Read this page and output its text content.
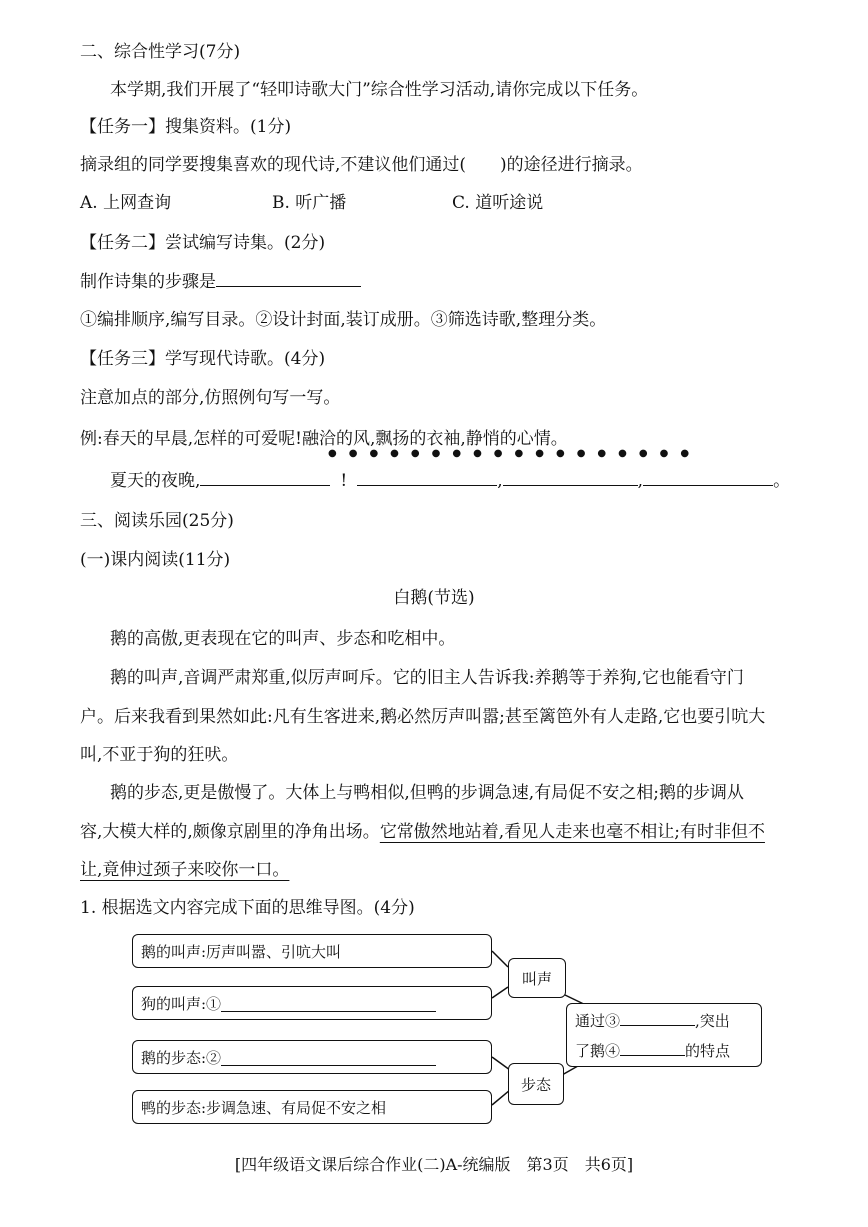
二、综合性学习(7分)
本学期,我们开展了“轻叩诗歌大门”综合性学习活动,请你完成以下任务。
【任务一】搜集资料。(1分)
摘录组的同学要搜集喜欢的现代诗,不建议他们通过(　　)的途径进行摘录。
A. 上网查询	B. 听广播	C. 道听途说
【任务二】尝试编写诗集。(2分)
制作诗集的步骤是
①编排顺序,编写目录。②设计封面,装订成册。③筛选诗歌,整理分类。
【任务三】学写现代诗歌。(4分)
注意加点的部分,仿照例句写一写。
例:春天的早晨,怎样的可爱呢!融洽的风,飘扬的衣袖,静悄的心情。
●●●●●●●●●●●●●●●●●●
夏天的夜晚,	!	,	,	。
三、阅读乐园(25分)
(一)课内阅读(11分)
白鹅(节选)
鹅的高傲,更表现在它的叫声、步态和吃相中。
鹅的叫声,音调严肃郑重,似厉声呵斥。它的旧主人告诉我:养鹅等于养狗,它也能看守门
户。后来我看到果然如此:凡有生客进来,鹅必然厉声叫嚣;甚至篱笆外有人走路,它也要引吭大
叫,不亚于狗的狂吠。
鹅的步态,更是傲慢了。大体上与鸭相似,但鸭的步调急速,有局促不安之相;鹅的步调从
容,大模大样的,颇像京剧里的净角出场。它常傲然地站着,看见人走来也毫不相让;有时非但不
让,竟伸过颈子来咬你一口。
1. 根据选文内容完成下面的思维导图。(4分)
鹅的叫声:厉声叫嚣、引吭大叫
狗的叫声:①
鹅的步态:②
鸭的步态:步调急速、有局促不安之相
叫声
步态
通过③	,突出
了鹅④	的特点
[四年级语文课后综合作业(二)A-统编版　第3页　共6页]
